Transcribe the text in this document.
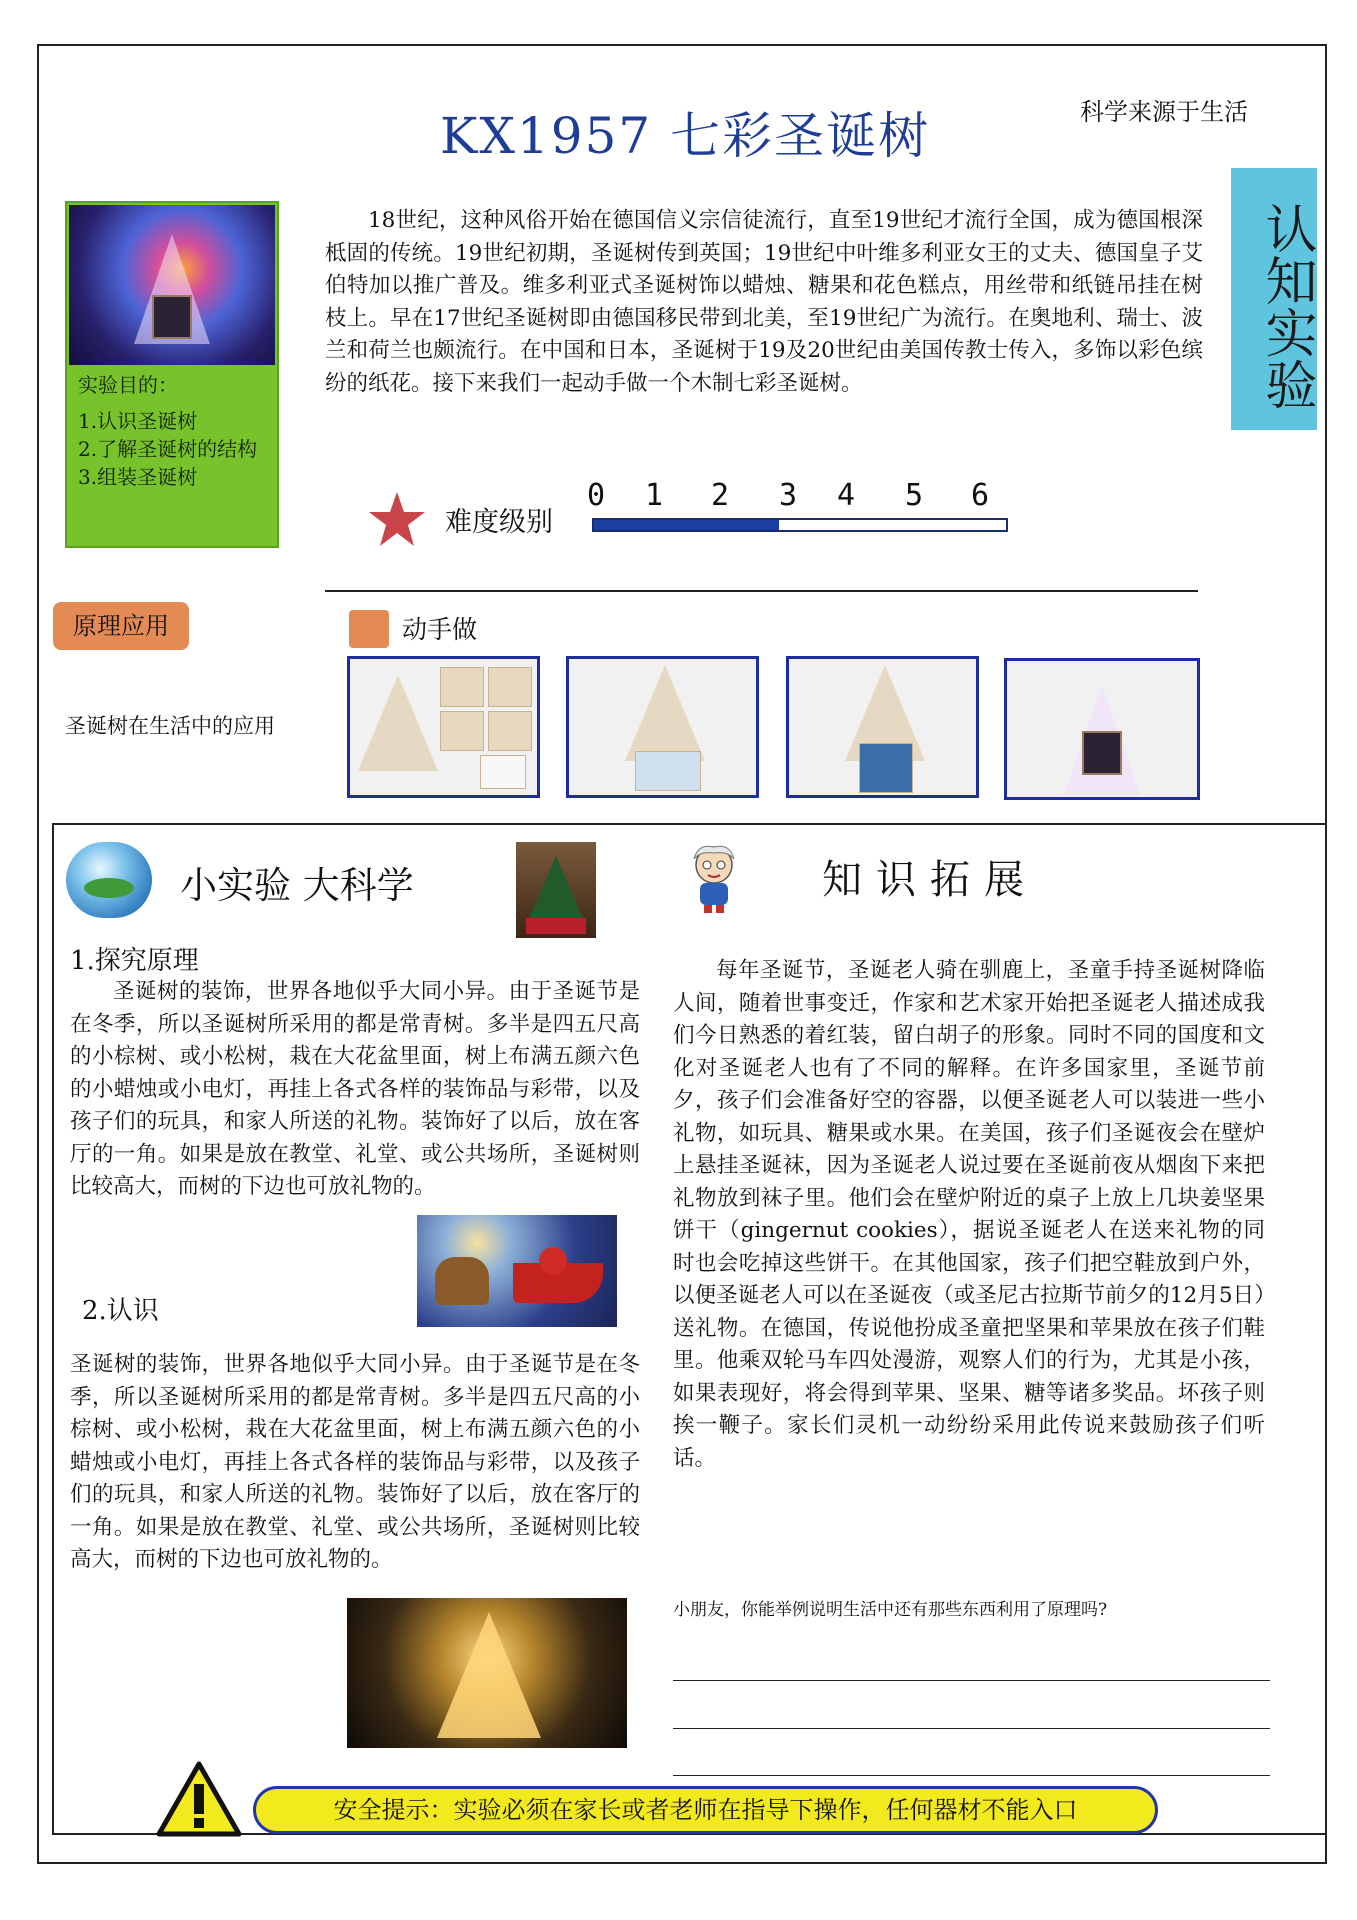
KX1957 七彩圣诞树	科学来源于生活
认知实验
实验目的：
1.认识圣诞树
2.了解圣诞树的结构
3.组装圣诞树
18世纪，这种风俗开始在德国信义宗信徒流行，直至19世纪才流行全国，成为德国根深柢固的传统。19世纪初期，圣诞树传到英国；19世纪中叶维多利亚女王的丈夫、德国皇子艾伯特加以推广普及。维多利亚式圣诞树饰以蜡烛、糖果和花色糕点，用丝带和纸链吊挂在树枝上。早在17世纪圣诞树即由德国移民带到北美，至19世纪广为流行。在奥地利、瑞士、波兰和荷兰也颇流行。在中国和日本，圣诞树于19及20世纪由美国传教士传入，多饰以彩色缤纷的纸花。接下来我们一起动手做一个木制七彩圣诞树。
难度级别
0 1 2 3 4 5 6
原理应用	动手做
圣诞树在生活中的应用
小实验 大科学	知识拓展
1.探究原理
圣诞树的装饰，世界各地似乎大同小异。由于圣诞节是在冬季，所以圣诞树所采用的都是常青树。多半是四五尺高的小棕树、或小松树，栽在大花盆里面，树上布满五颜六色的小蜡烛或小电灯，再挂上各式各样的装饰品与彩带，以及孩子们的玩具，和家人所送的礼物。装饰好了以后，放在客厅的一角。如果是放在教堂、礼堂、或公共场所，圣诞树则比较高大，而树的下边也可放礼物的。
2.认识
圣诞树的装饰，世界各地似乎大同小异。由于圣诞节是在冬季，所以圣诞树所采用的都是常青树。多半是四五尺高的小棕树、或小松树，栽在大花盆里面，树上布满五颜六色的小蜡烛或小电灯，再挂上各式各样的装饰品与彩带，以及孩子们的玩具，和家人所送的礼物。装饰好了以后，放在客厅的一角。如果是放在教堂、礼堂、或公共场所，圣诞树则比较高大，而树的下边也可放礼物的。
每年圣诞节，圣诞老人骑在驯鹿上，圣童手持圣诞树降临人间，随着世事变迁，作家和艺术家开始把圣诞老人描述成我们今日熟悉的着红装，留白胡子的形象。同时不同的国度和文化对圣诞老人也有了不同的解释。在许多国家里，圣诞节前夕，孩子们会准备好空的容器，以便圣诞老人可以装进一些小礼物，如玩具、糖果或水果。在美国，孩子们圣诞夜会在壁炉上悬挂圣诞袜，因为圣诞老人说过要在圣诞前夜从烟囱下来把礼物放到袜子里。他们会在壁炉附近的桌子上放上几块姜坚果饼干（gingernut cookies），据说圣诞老人在送来礼物的同时也会吃掉这些饼干。在其他国家，孩子们把空鞋放到户外，以便圣诞老人可以在圣诞夜（或圣尼古拉斯节前夕的12月5日）送礼物。在德国，传说他扮成圣童把坚果和苹果放在孩子们鞋里。他乘双轮马车四处漫游，观察人们的行为，尤其是小孩，如果表现好，将会得到苹果、坚果、糖等诸多奖品。坏孩子则挨一鞭子。家长们灵机一动纷纷采用此传说来鼓励孩子们听话。
小朋友，你能举例说明生活中还有那些东西利用了原理吗?
安全提示：实验必须在家长或者老师在指导下操作，任何器材不能入口
